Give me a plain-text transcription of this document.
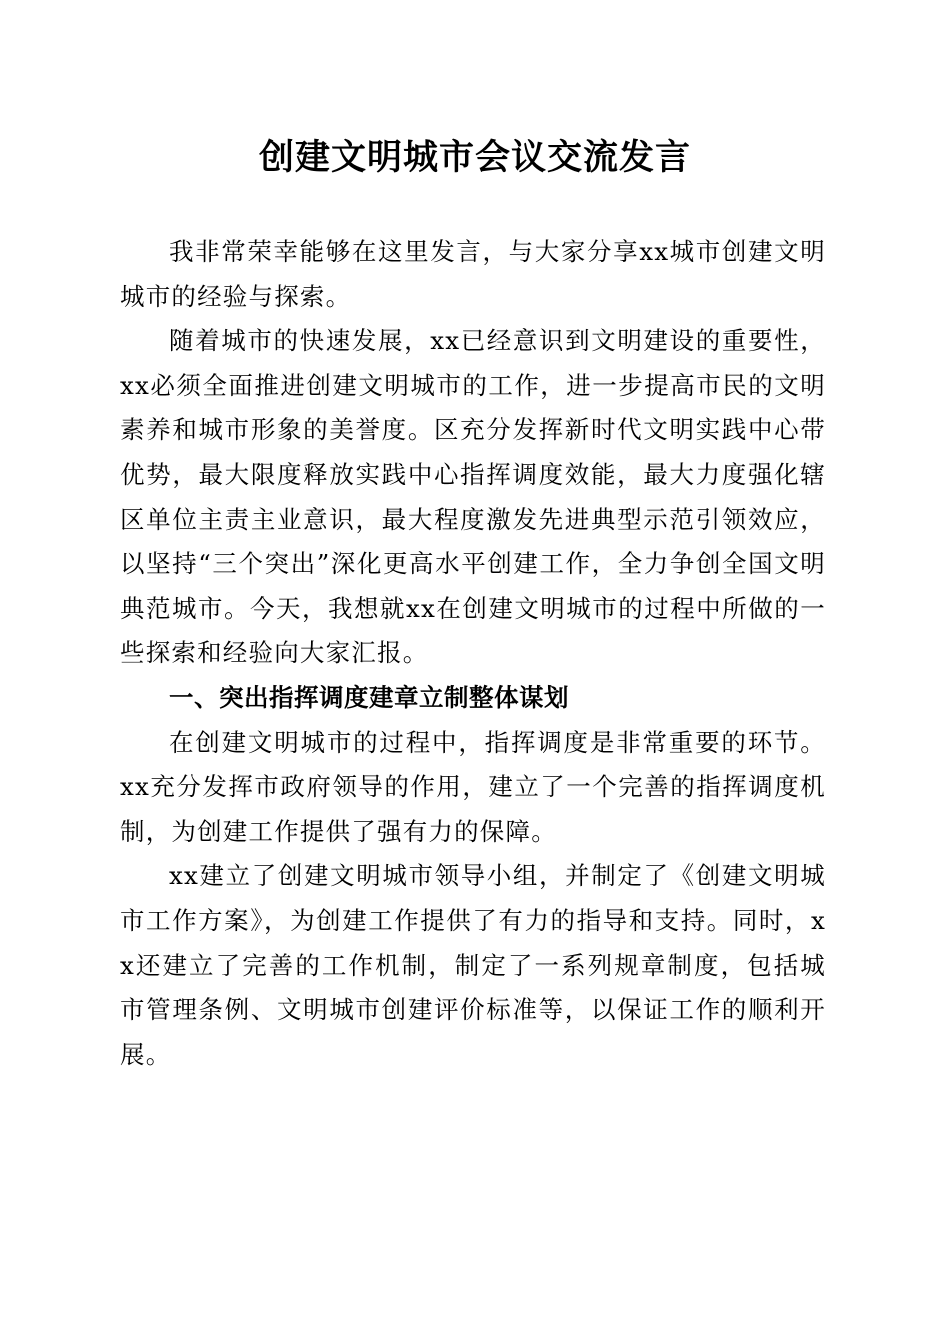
创建文明城市会议交流发言

我非常荣幸能够在这里发言，与大家分享xx城市创建文明城市的经验与探索。

随着城市的快速发展，xx已经意识到文明建设的重要性，xx必须全面推进创建文明城市的工作，进一步提高市民的文明素养和城市形象的美誉度。区充分发挥新时代文明实践中心带优势，最大限度释放实践中心指挥调度效能，最大力度强化辖区单位主责主业意识，最大程度激发先进典型示范引领效应，以坚持“三个突出”深化更高水平创建工作，全力争创全国文明典范城市。今天，我想就xx在创建文明城市的过程中所做的一些探索和经验向大家汇报。

一、突出指挥调度建章立制整体谋划

在创建文明城市的过程中，指挥调度是非常重要的环节。xx充分发挥市政府领导的作用，建立了一个完善的指挥调度机制，为创建工作提供了强有力的保障。

xx建立了创建文明城市领导小组，并制定了《创建文明城市工作方案》，为创建工作提供了有力的指导和支持。同时，xx还建立了完善的工作机制，制定了一系列规章制度，包括城市管理条例、文明城市创建评价标准等，以保证工作的顺利开展。
